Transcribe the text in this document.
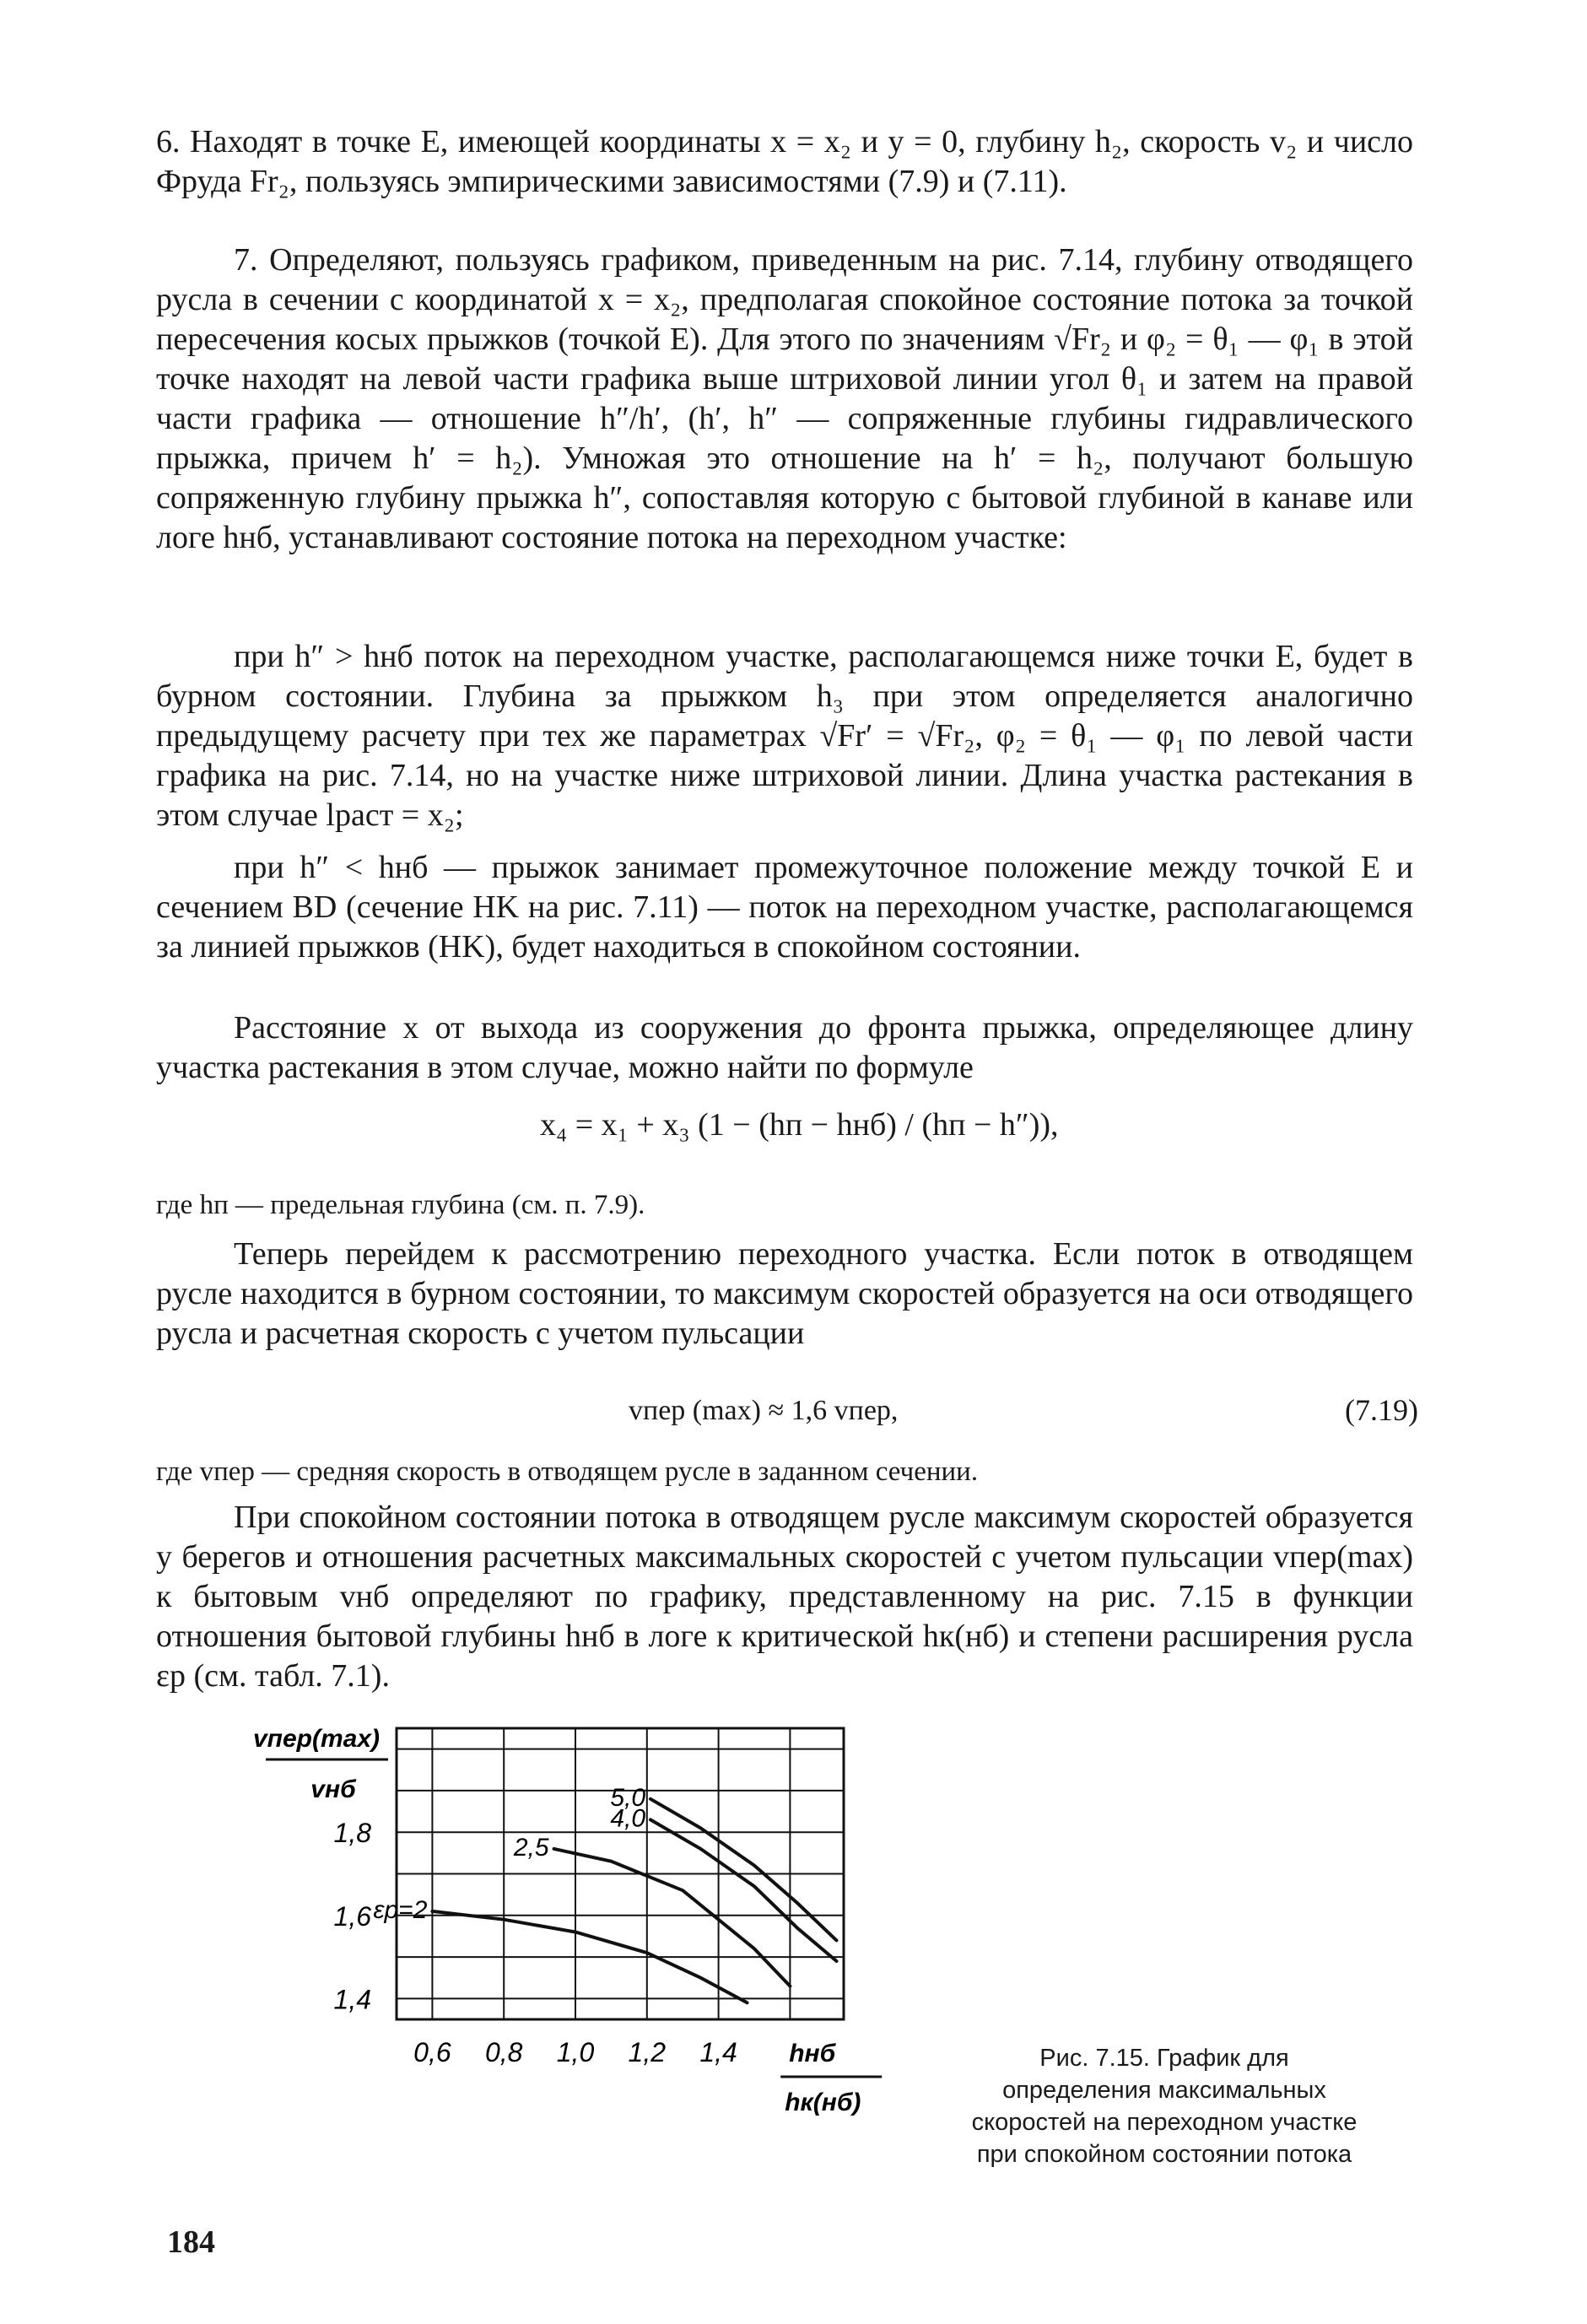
6. Находят в точке E, имеющей координаты x = x₂ и y = 0, глубину h₂, скорость v₂ и число Фруда Fr₂, пользуясь эмпирическими зависимостями (7.9) и (7.11).

7. Определяют, пользуясь графиком, приведенным на рис. 7.14, глубину отводящего русла в сечении с координатой x = x₂, предполагая спокойное состояние потока за точкой пересечения косых прыжков (точкой E). Для этого по значениям √Fr₂ и φ₂ = θ₁ — φ₁ в этой точке находят на левой части графика выше штриховой линии угол θ₁ и затем на правой части графика — отношение h″/h′, (h′, h″ — сопряженные глубины гидравлического прыжка, причем h′ = h₂). Умножая это отношение на h′ = h₂, получают большую сопряженную глубину прыжка h″, сопоставляя которую с бытовой глубиной в канаве или логе hнб, устанавливают состояние потока на переходном участке:

при h″ > hнб поток на переходном участке, располагающемся ниже точки E, будет в бурном состоянии. Глубина за прыжком h₃ при этом определяется аналогично предыдущему расчету при тех же параметрах √Fr′ = √Fr₂, φ₂ = θ₁ — φ₁ по левой части графика на рис. 7.14, но на участке ниже штриховой линии. Длина участка растекания в этом случае lраст = x₂;

при h″ < hнб — прыжок занимает промежуточное положение между точкой E и сечением BD (сечение HK на рис. 7.11) — поток на переходном участке, располагающемся за линией прыжков (HK), будет находиться в спокойном состоянии.

Расстояние x от выхода из сооружения до фронта прыжка, определяющее длину участка растекания в этом случае, можно найти по формуле

x₄ = x₁ + x₃ (1 − (hп − hнб) / (hп − h″)),

где hп — предельная глубина (см. п. 7.9).

Теперь перейдем к рассмотрению переходного участка. Если поток в отводящем русле находится в бурном состоянии, то максимум скоростей образуется на оси отводящего русла и расчетная скорость с учетом пульсации

vпер (max) ≈ 1,6 vпер,	(7.19)

где vпер — средняя скорость в отводящем русле в заданном сечении.

При спокойном состоянии потока в отводящем русле максимум скоростей образуется у берегов и отношения расчетных максимальных скоростей с учетом пульсации vпер(max) к бытовым vнб определяют по графику, представленному на рис. 7.15 в функции отношения бытовой глубины hнб в логе к критической hк(нб) и степени расширения русла εр (см. табл. 7.1).

5,0
4,0
2,5
εр=2
1,4
1,6
1,8
0,6 0,8 1,0 1,2 1,4
vпер(max)
vнб
hнб
hк(нб)
Рис. 7.15. График для определения максимальных скоростей на переходном участке при спокойном состоянии потока
184
